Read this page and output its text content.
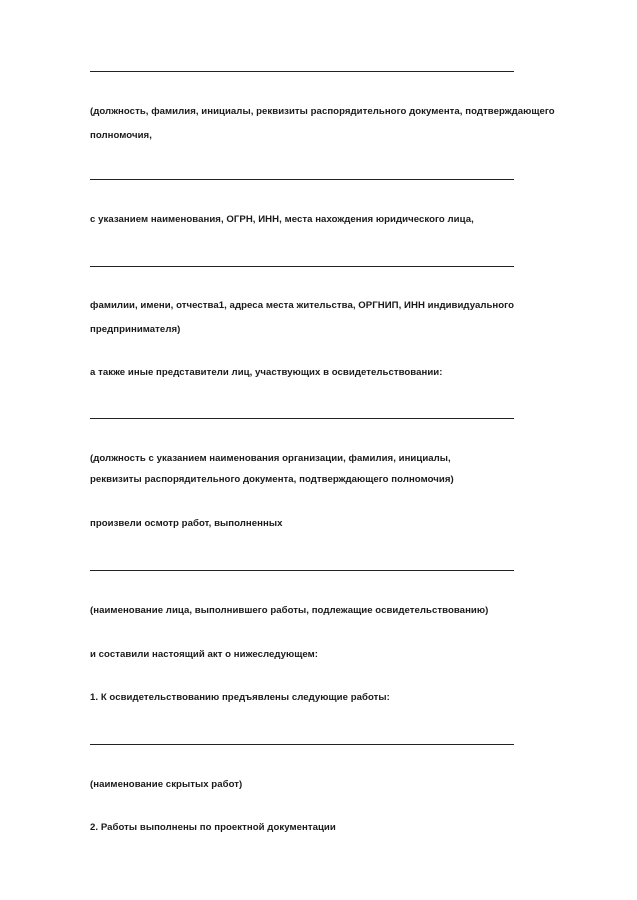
(должность, фамилия, инициалы, реквизиты распорядительного документа, подтверждающего
полномочия,
с указанием наименования, ОГРН, ИНН, места нахождения юридического лица,
фамилии, имени, отчества1, адреса места жительства, ОРГНИП, ИНН индивидуального
предпринимателя)
а также иные представители лиц, участвующих в освидетельствовании:
(должность с указанием наименования организации, фамилия, инициалы,
реквизиты распорядительного документа, подтверждающего полномочия)
произвели осмотр работ, выполненных
(наименование лица, выполнившего работы, подлежащие освидетельствованию)
и составили настоящий акт о нижеследующем:
1. К освидетельствованию предъявлены следующие работы:
(наименование скрытых работ)
2. Работы выполнены по проектной документации
